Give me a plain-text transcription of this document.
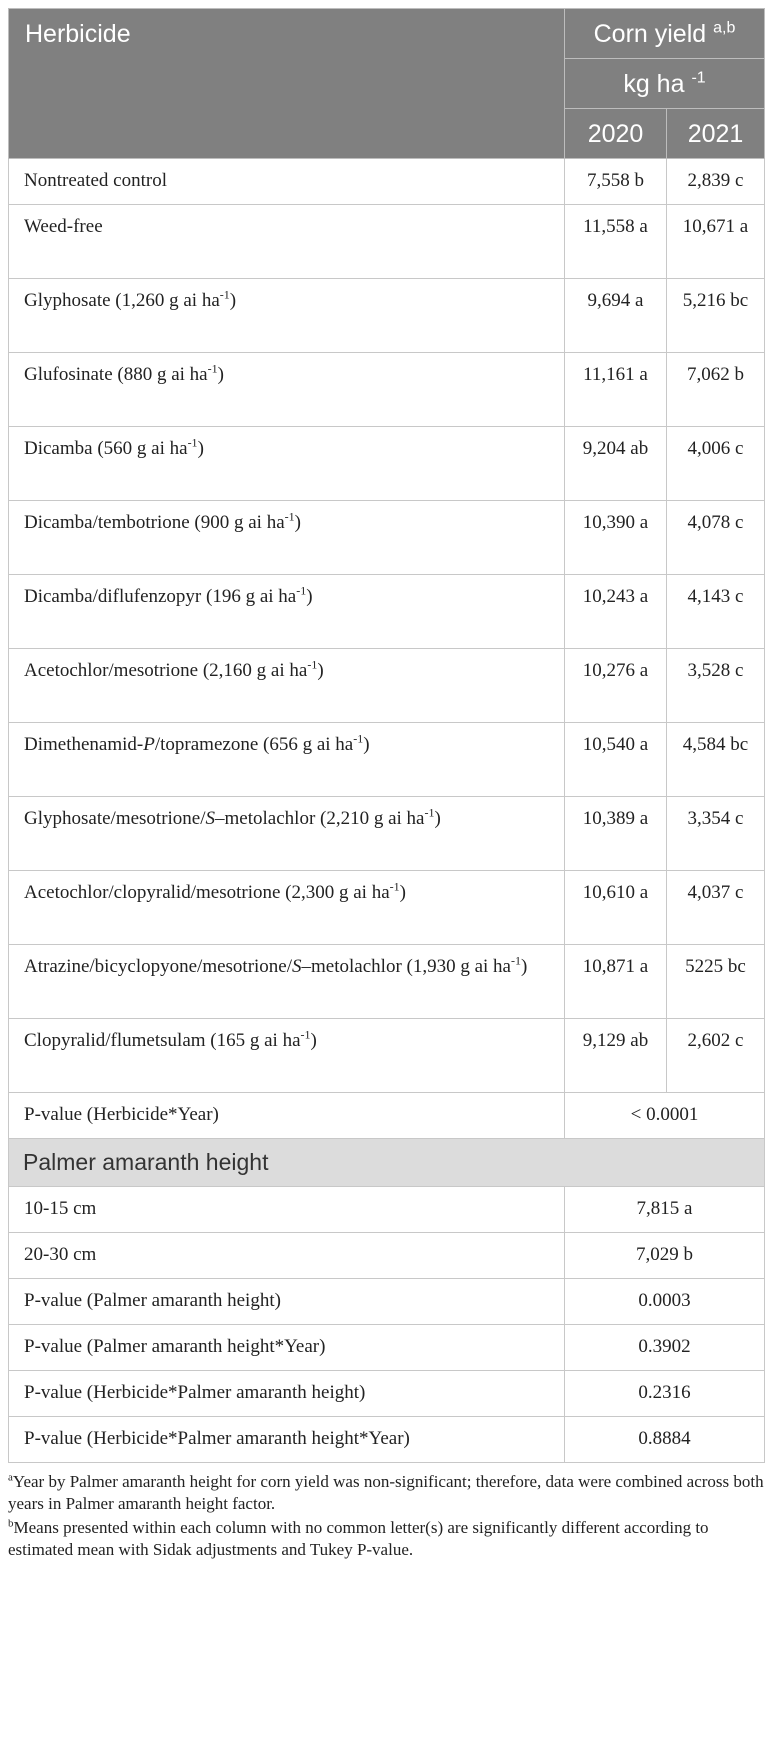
Herbicide	Corn yield $^{a,b}$
	kg ha $^{-1}$
	2020	2021
Nontreated control	7,558 b	2,839 c
Weed-free	11,558 a	10,671 a
Glyphosate (1,260 g ai $ha^{-1}$)	9,694 a	5,216 bc
Glufosinate (880 g ai $ha^{-1}$)	11,161 a	7,062 b
Dicamba (560 g ai $ha^{-1}$)	9,204 ab	4,006 c
Dicamba/tembotrione (900 g ai $ha^{-1}$)	10,390 a	4,078 c
Dicamba/diflufenzopyr (196 g ai $ha^{-1}$)	10,243 a	4,143 c
Acetochlor/mesotrione (2,160 g ai $ha^{-1}$)	10,276 a	3,528 c
Dimethenamid-P/topramezone (656 g ai $ha^{-1}$)	10,540 a	4,584 bc
Glyphosate/mesotrione/S–metolachlor (2,210 g ai $ha^{-1}$)	10,389 a	3,354 c
Acetochlor/clopyralid/mesotrione (2,300 g ai $ha^{-1}$)	10,610 a	4,037 c
Atrazine/bicyclopyone/mesotrione/S–metolachlor (1,930 g ai $ha^{-1}$)	10,871 a	5225 bc
Clopyralid/flumetsulam (165 g ai $ha^{-1}$)	9,129 ab	2,602 c
P-value (Herbicide*Year)	< 0.0001	
Palmer amaranth height		
10-15 cm	7,815 a	
20-30 cm	7,029 b	
P-value (Palmer amaranth height)	0.0003	
P-value (Palmer amaranth height*Year)	0.3902	
P-value (Herbicide*Palmer amaranth height)	0.2316	
P-value (Herbicide*Palmer amaranth height*Year)	0.8884	

$^a$Year by Palmer amaranth height for corn yield was non-significant; therefore, data were combined across both years in Palmer amaranth height factor.

$^b$Means presented within each column with no common letter(s) are significantly different according to estimated mean with Sidak adjustments and Tukey P-value.
